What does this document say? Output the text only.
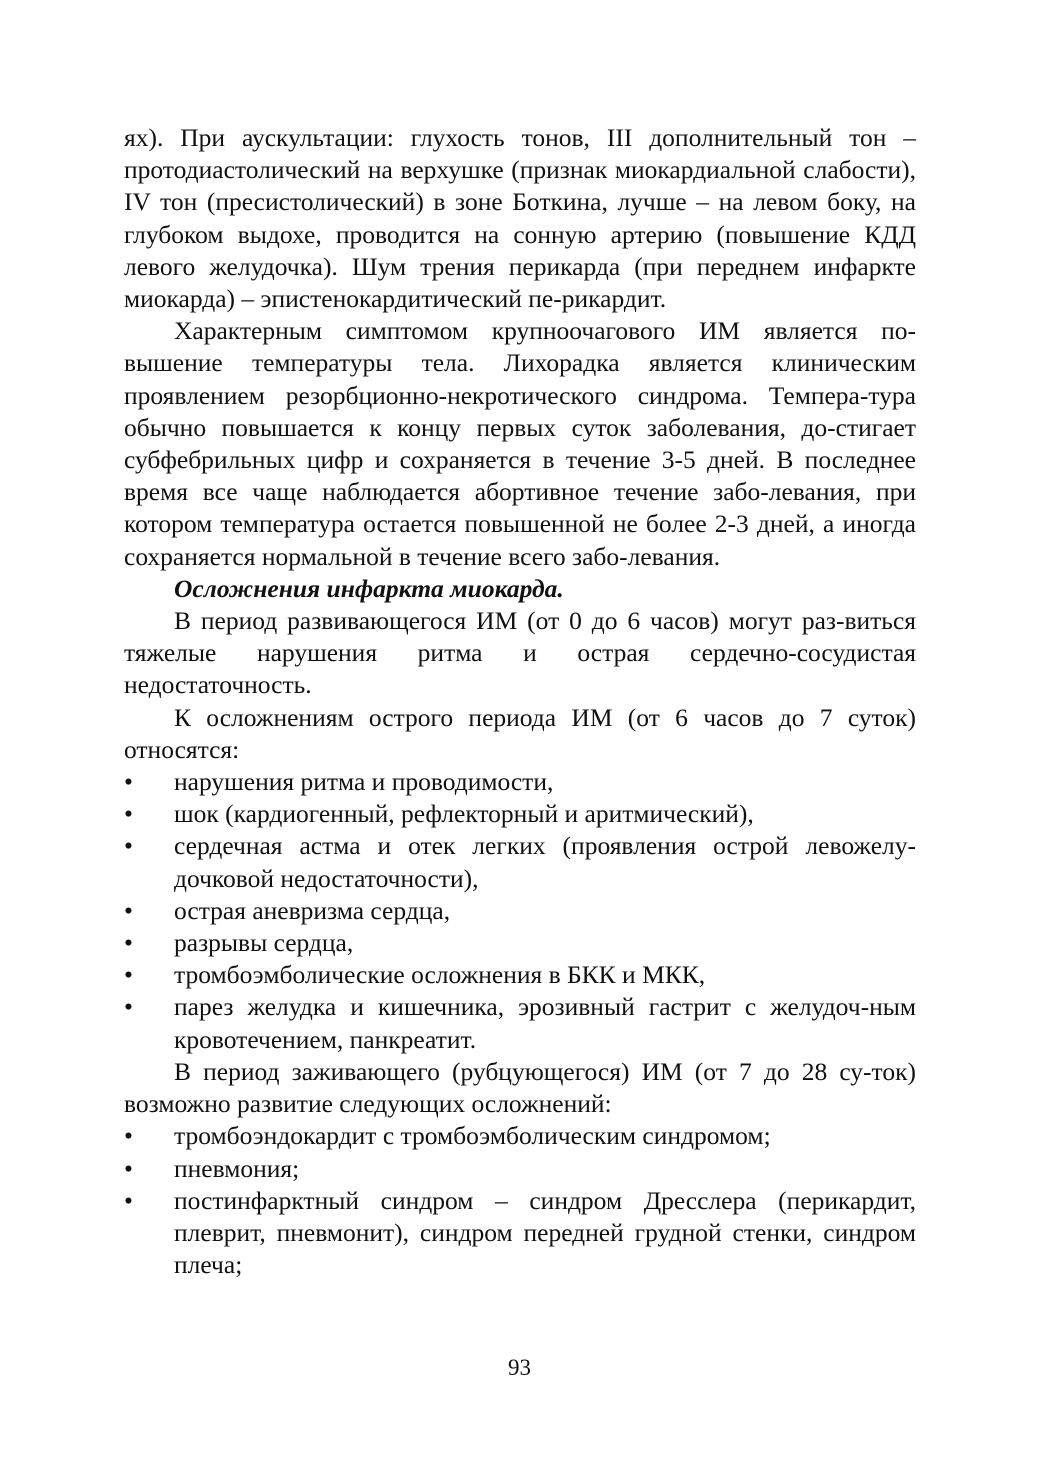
ях). При аускультации: глухость тонов, III дополнительный тон – протодиастолический на верхушке (признак миокардиальной слабости), IV тон (пресистолический) в зоне Боткина, лучше – на левом боку, на глубоком выдохе, проводится на сонную артерию (повышение КДД левого желудочка). Шум трения перикарда (при переднем инфаркте миокарда) – эпистенокардитический пе-рикардит.

Характерным симптомом крупноочагового ИМ является по-вышение температуры тела. Лихорадка является клиническим проявлением резорбционно-некротического синдрома. Темпера-тура обычно повышается к концу первых суток заболевания, до-стигает субфебрильных цифр и сохраняется в течение 3-5 дней. В последнее время все чаще наблюдается абортивное течение забо-левания, при котором температура остается повышенной не более 2-3 дней, а иногда сохраняется нормальной в течение всего забо-левания.

Осложнения инфаркта миокарда.

В период развивающегося ИМ (от 0 до 6 часов) могут раз-виться тяжелые нарушения ритма и острая сердечно-сосудистая недостаточность.

К осложнениям острого периода ИМ (от 6 часов до 7 суток) относятся:

•	нарушения ритма и проводимости,
•	шок (кардиогенный, рефлекторный и аритмический),
•	сердечная астма и отек легких (проявления острой левожелу-дочковой недостаточности),
•	острая аневризма сердца,
•	разрывы сердца,
•	тромбоэмболические осложнения в БКК и МКК,
•	парез желудка и кишечника, эрозивный гастрит с желудоч-ным кровотечением, панкреатит.

В период заживающего (рубцующегося) ИМ (от 7 до 28 су-ток) возможно развитие следующих осложнений:

•	тромбоэндокардит с тромбоэмболическим синдромом;
•	пневмония;
•	постинфарктный синдром – синдром Дресслера (перикардит, плеврит, пневмонит), синдром передней грудной стенки, синдром плеча;
93
